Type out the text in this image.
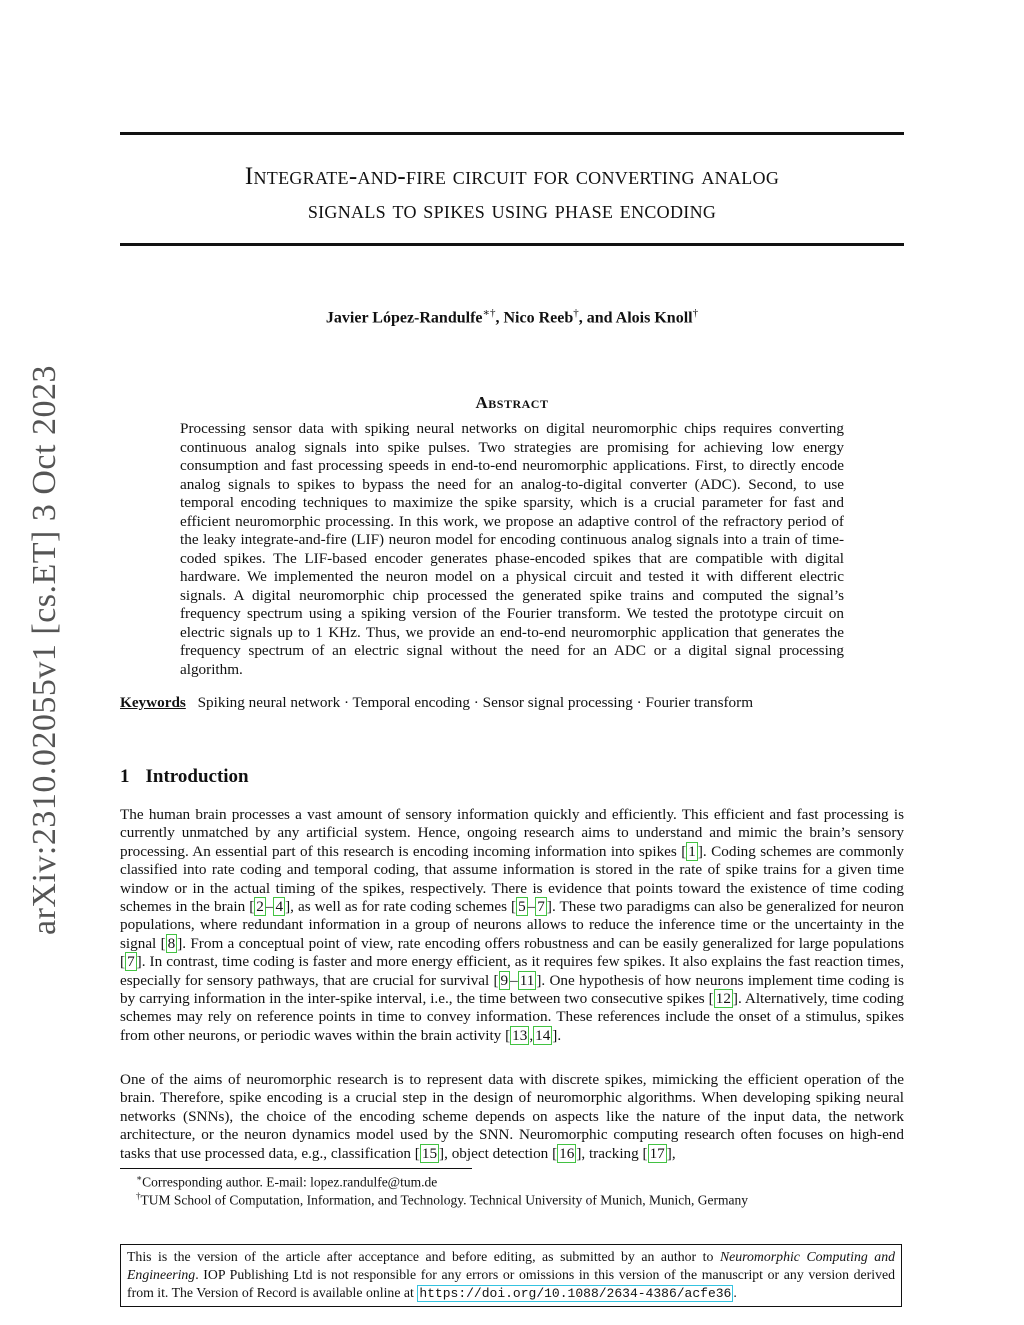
Integrate-and-fire circuit for converting analog
signals to spikes using phase encoding
Javier López-Randulfe∗†, Nico Reeb†, and Alois Knoll†
arXiv:2310.02055v1 [cs.ET] 3 Oct 2023	Abstract
Processing sensor data with spiking neural networks on digital neuromorphic chips requires converting continuous analog signals into spike pulses. Two strategies are promising for achieving low energy consumption and fast processing speeds in end-to-end neuromorphic applications. First, to directly encode analog signals to spikes to bypass the need for an analog-to-digital converter (ADC). Second, to use temporal encoding techniques to maximize the spike sparsity, which is a crucial parameter for fast and efficient neuromorphic processing. In this work, we propose an adaptive control of the refractory period of the leaky integrate-and-fire (LIF) neuron model for encoding continuous analog signals into a train of time-coded spikes. The LIF-based encoder generates phase-encoded spikes that are compatible with digital hardware. We implemented the neuron model on a physical circuit and tested it with different electric signals. A digital neuromorphic chip processed the generated spike trains and computed the signal’s frequency spectrum using a spiking version of the Fourier transform. We tested the prototype circuit on electric signals up to 1 KHz. Thus, we provide an end-to-end neuromorphic application that generates the frequency spectrum of an electric signal without the need for an ADC or a digital signal processing algorithm.
Keywords Spiking neural network · Temporal encoding · Sensor signal processing · Fourier transform
1 Introduction
The human brain processes a vast amount of sensory information quickly and efficiently. This efficient and fast processing is currently unmatched by any artificial system. Hence, ongoing research aims to understand and mimic the brain’s sensory processing. An essential part of this research is encoding incoming information into spikes [ 1 ]. Coding schemes are commonly classified into rate coding and temporal coding, that assume information is stored in the rate of spike trains for a given time window or in the actual timing of the spikes, respectively. There is evidence that points toward the existence of time coding schemes in the brain [ 2 – 4 ], as well as for rate coding schemes [ 5 – 7 ]. These two paradigms can also be generalized for neuron populations, where redundant information in a group of neurons allows to reduce the inference time or the uncertainty in the signal [ 8 ]. From a conceptual point of view, rate encoding offers robustness and can be easily generalized for large populations [ 7 ]. In contrast, time coding is faster and more energy efficient, as it requires few spikes. It also explains the fast reaction times, especially for sensory pathways, that are crucial for survival [ 9 – 11 ]. One hypothesis of how neurons implement time coding is by carrying information in the inter-spike interval, i.e., the time between two consecutive spikes [ 12 ]. Alternatively, time coding schemes may rely on reference points in time to convey information. These references include the onset of a stimulus, spikes from other neurons, or periodic waves within the brain activity [ 13 , 14 ].
One of the aims of neuromorphic research is to represent data with discrete spikes, mimicking the efficient operation of the brain. Therefore, spike encoding is a crucial step in the design of neuromorphic algorithms. When developing spiking neural networks (SNNs), the choice of the encoding scheme depends on aspects like the nature of the input data, the network architecture, or the neuron dynamics model used by the SNN. Neuromorphic computing research often focuses on high-end tasks that use processed data, e.g., classification [ 15 ], object detection [ 16 ], tracking [ 17 ],
∗Corresponding author. E-mail: lopez.randulfe@tum.de
†TUM School of Computation, Information, and Technology. Technical University of Munich, Munich, Germany
This is the version of the article after acceptance and before editing, as submitted by an author to Neuromorphic Computing and Engineering. IOP Publishing Ltd is not responsible for any errors or omissions in this version of the manuscript or any version derived from it. The Version of Record is available online at https://doi.org/10.1088/2634-4386/acfe36 .
